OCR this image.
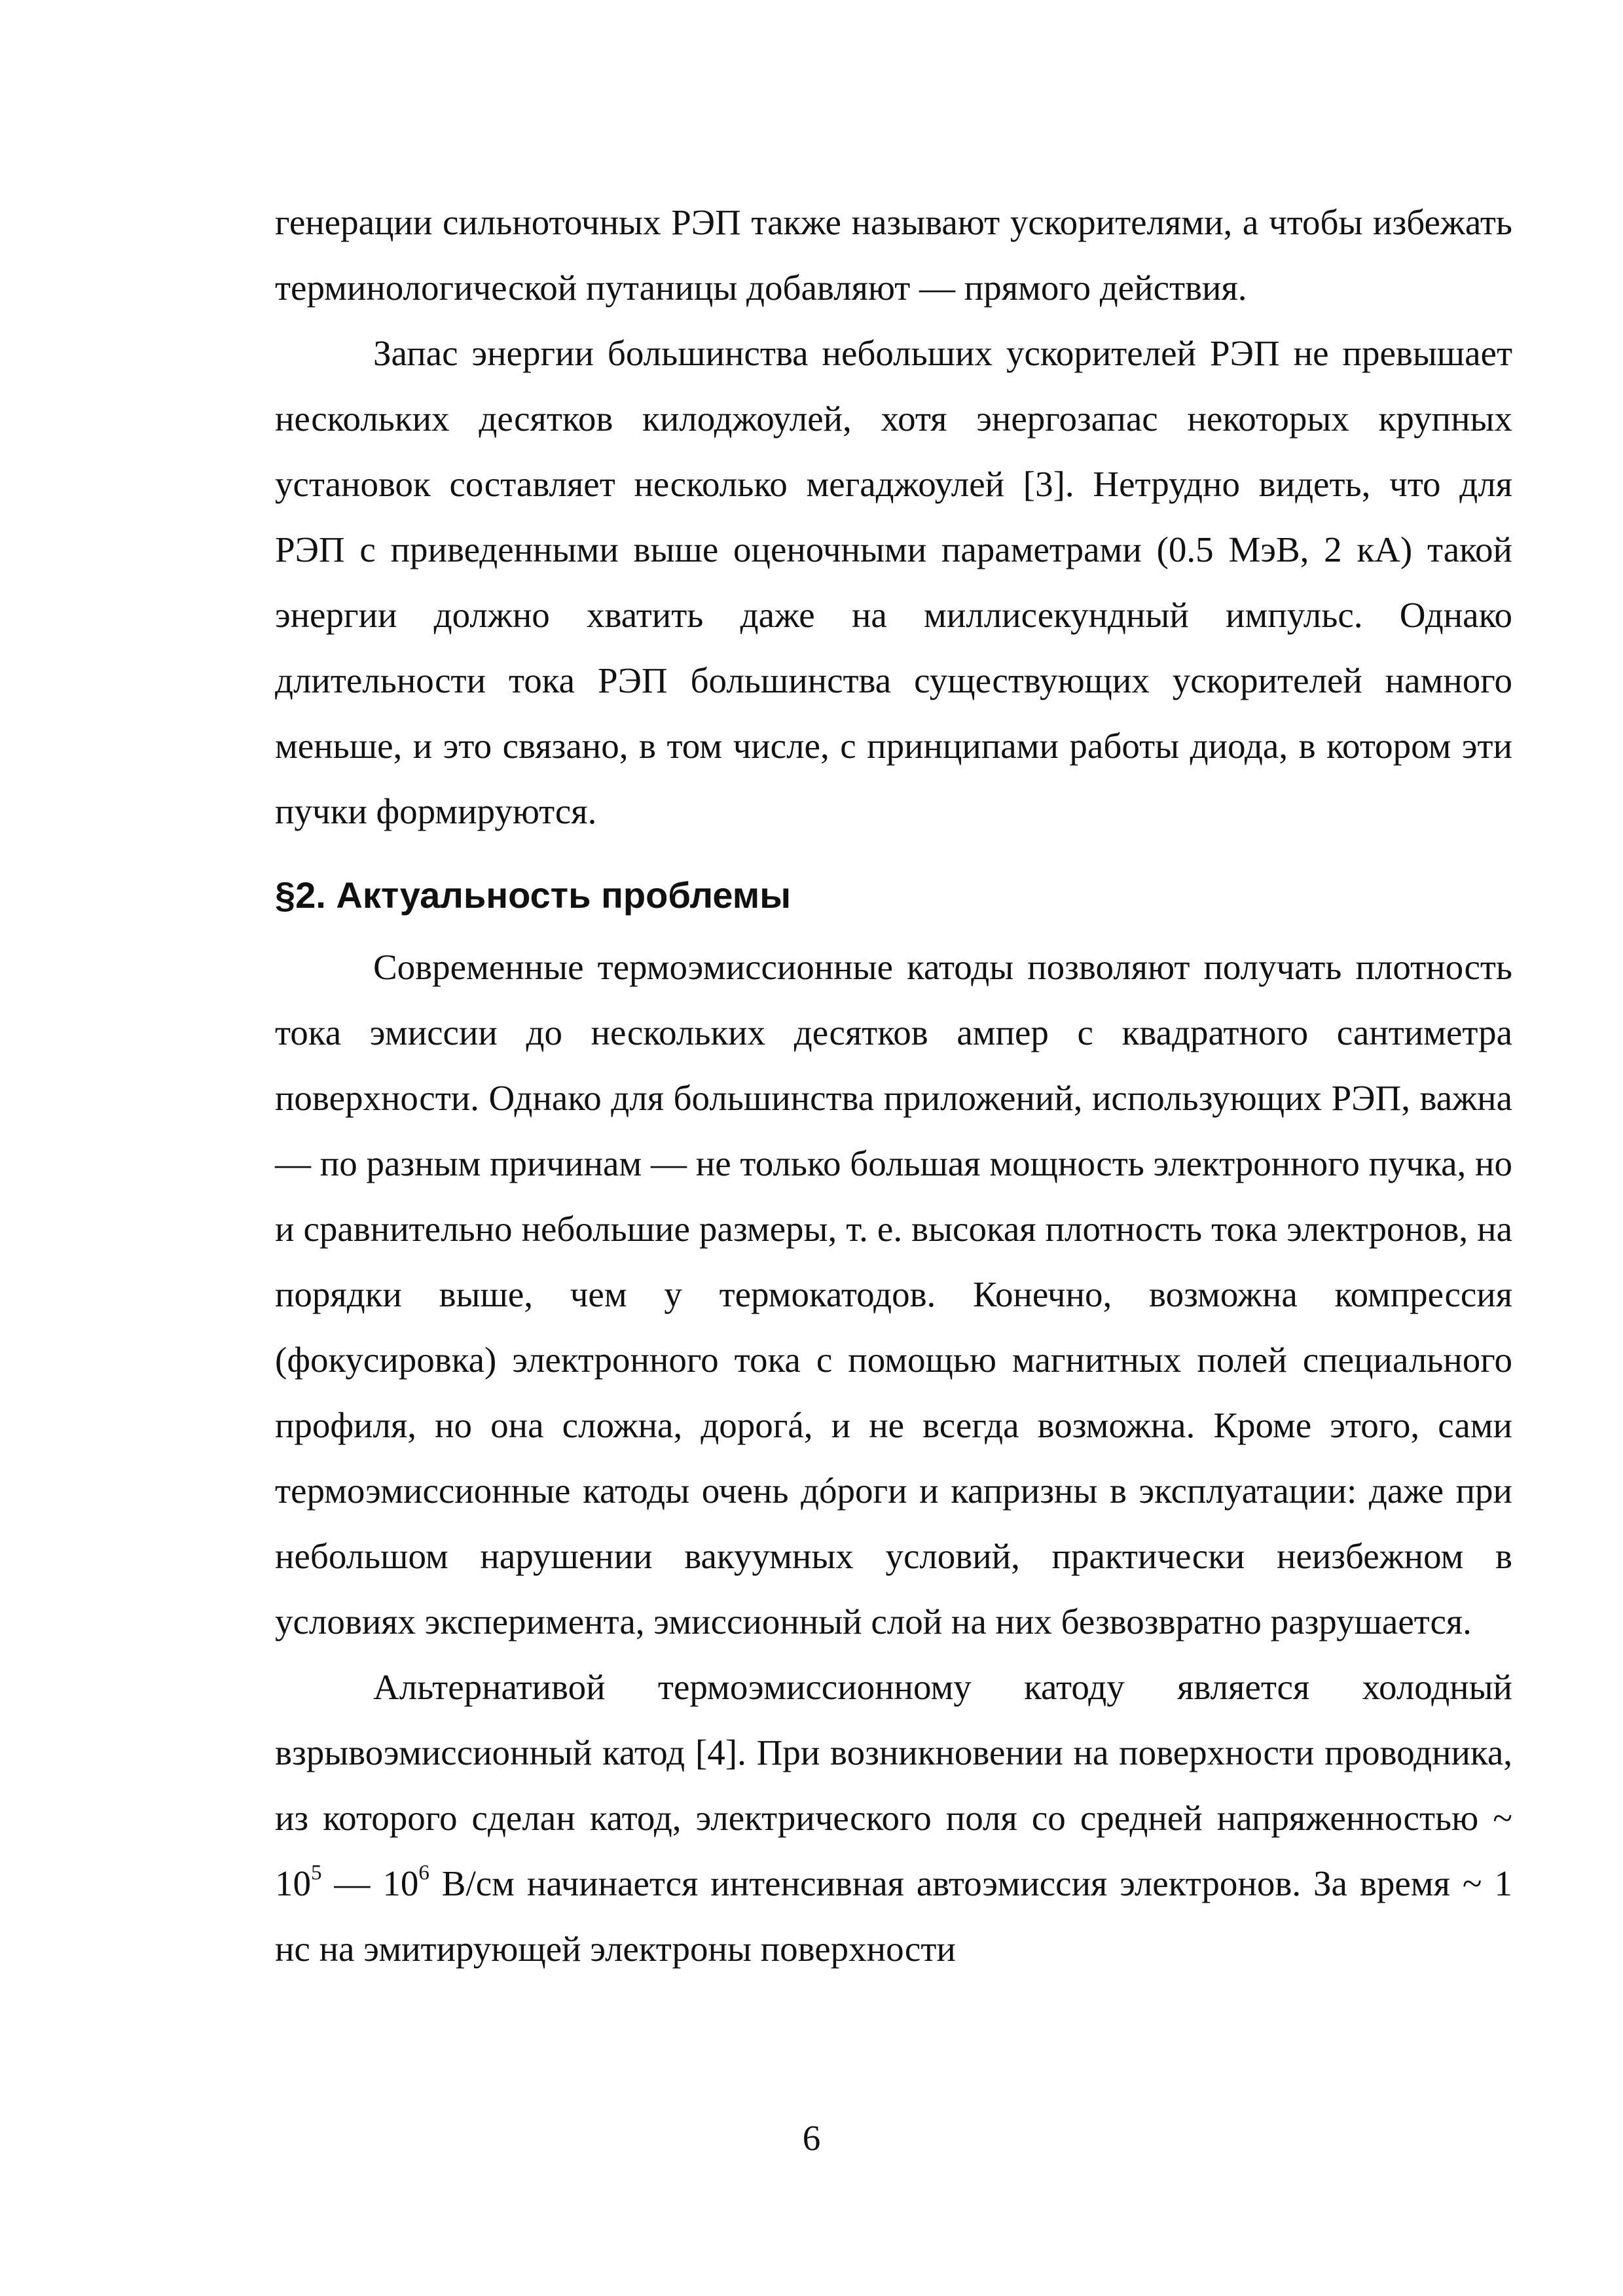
генерации сильноточных РЭП также называют ускорителями, а чтобы избежать терминологической путаницы добавляют — прямого действия.

Запас энергии большинства небольших ускорителей РЭП не превышает нескольких десятков килоджоулей, хотя энергозапас некоторых крупных установок составляет несколько мегаджоулей [3]. Нетрудно видеть, что для РЭП с приведенными выше оценочными параметрами (0.5 МэВ, 2 кА) такой энергии должно хватить даже на миллисекундный импульс. Однако длительности тока РЭП большинства существующих ускорителей намного меньше, и это связано, в том числе, с принципами работы диода, в котором эти пучки формируются.

§2. Актуальность проблемы

Современные термоэмиссионные катоды позволяют получать плотность тока эмиссии до нескольких десятков ампер с квадратного сантиметра поверхности. Однако для большинства приложений, использующих РЭП, важна — по разным причинам — не только большая мощность электронного пучка, но и сравнительно небольшие размеры, т. е. высокая плотность тока электронов, на порядки выше, чем у термокатодов. Конечно, возможна компрессия (фокусировка) электронного тока с помощью магнитных полей специального профиля, но она сложна, дорогá, и не всегда возможна. Кроме этого, сами термоэмиссионные катоды очень дóроги и капризны в эксплуатации: даже при небольшом нарушении вакуумных условий, практически неизбежном в условиях эксперимента, эмиссионный слой на них безвозвратно разрушается.

Альтернативой термоэмиссионному катоду является холодный взрывоэмиссионный катод [4]. При возникновении на поверхности проводника, из которого сделан катод, электрического поля со средней напряженностью ~ $10^5$ — $10^6$ В/см начинается интенсивная автоэмиссия электронов. За время ~ 1 нс на эмитирующей электроны поверхности

6
